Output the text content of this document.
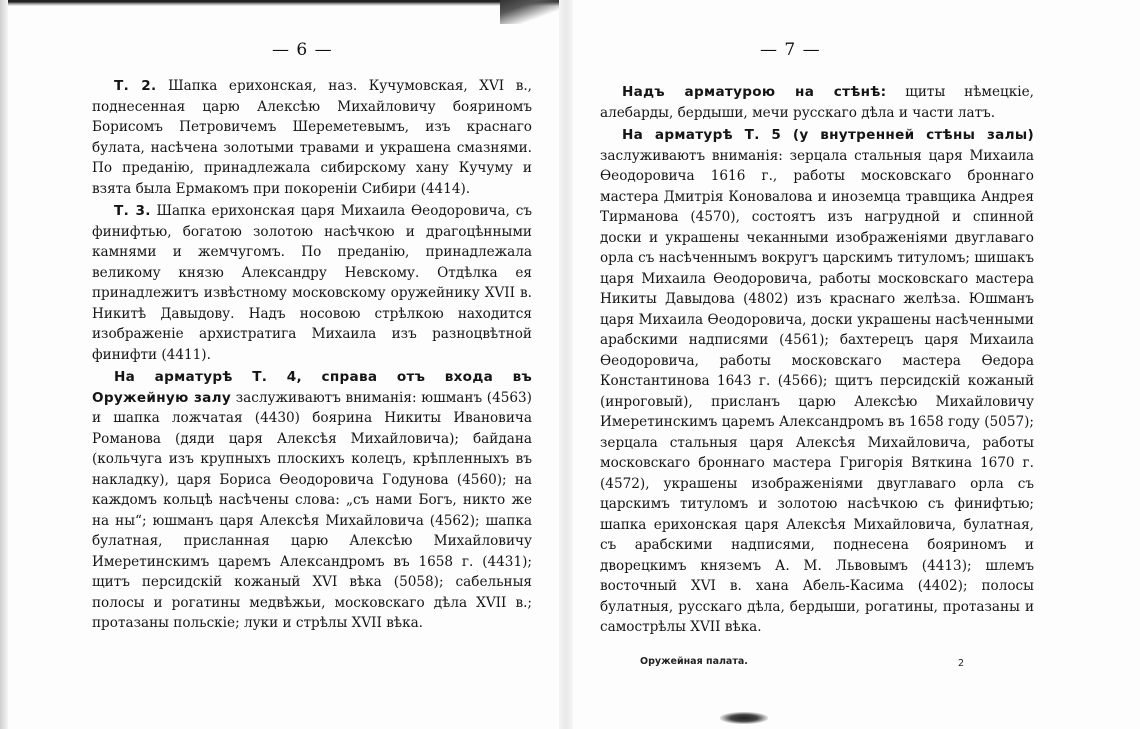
— 6 —

Т. 2. Шапка ерихонская, наз. Кучумовская, XVI в., поднесенная царю Алексѣю Михайловичу бояриномъ Борисомъ Петровичемъ Шереметевымъ, изъ краснаго булата, насѣчена золотыми травами и украшена смазнями. По преданію, принадлежала сибирскому хану Кучуму и взята была Ермакомъ при покореніи Сибири (4414).

Т. 3. Шапка ерихонская царя Михаила Өеодоровича, съ финифтью, богатою золотою насѣчкою и драгоцѣнными камнями и жемчугомъ. По преданію, принадлежала великому князю Александру Невскому. Отдѣлка ея принадлежитъ извѣстному московскому оружейнику XVII в. Никитѣ Давыдову. Надъ носовою стрѣлкою находится изображеніе архистратига Михаила изъ разноцвѣтной финифти (4411).

На арматурѣ Т. 4, справа отъ входа въ Оружейную залу заслуживаютъ вниманія: юшманъ (4563) и шапка ложчатая (4430) боярина Никиты Ивановича Романова (дяди царя Алексѣя Михайловича); байдана (кольчуга изъ крупныхъ плоскихъ колецъ, крѣпленныхъ въ накладку), царя Бориса Өеодоровича Годунова (4560); на каждомъ кольцѣ насѣчены слова: „съ нами Богъ, никто же на ны“; юшманъ царя Алексѣя Михайловича (4562); шапка булатная, присланная царю Алексѣю Михайловичу Имеретинскимъ царемъ Александромъ въ 1658 г. (4431); щитъ персидскій кожаный XVI вѣка (5058); сабельныя полосы и рогатины медвѣжьи, московскаго дѣла XVII в.; протазаны польскіе; луки и стрѣлы XVII вѣка.

— 7 —

Надъ арматурою на стѣнѣ: щиты нѣмецкіе, алебарды, бердыши, мечи русскаго дѣла и части латъ.

На арматурѣ Т. 5 (у внутренней стѣны залы) заслуживаютъ вниманія: зерцала стальныя царя Михаила Өеодоровича 1616 г., работы московскаго броннаго мастера Дмитрія Коновалова и иноземца травщика Андрея Тирманова (4570), состоятъ изъ нагрудной и спинной доски и украшены чеканными изображеніями двуглаваго орла съ насѣченнымъ вокругъ царскимъ титуломъ; шишакъ царя Михаила Өеодоровича, работы московскаго мастера Никиты Давыдова (4802) изъ краснаго желѣза. Юшманъ царя Михаила Өеодоровича, доски украшены насѣченными арабскими надписями (4561); бахтерецъ царя Михаила Өеодоровича, работы московскаго мастера Өедора Константинова 1643 г. (4566); щитъ персидскій кожаный (инроговый), присланъ царю Алексѣю Михайловичу Имеретинскимъ царемъ Александромъ въ 1658 году (5057); зерцала стальныя царя Алексѣя Михайловича, работы московскаго броннаго мастера Григорія Вяткина 1670 г. (4572), украшены изображеніями двуглаваго орла съ царскимъ титуломъ и золотою насѣчкою съ финифтью; шапка ерихонская царя Алексѣя Михайловича, булатная, съ арабскими надписями, поднесена бояриномъ и дворецкимъ княземъ А. М. Львовымъ (4413); шлемъ восточный XVI в. хана Абель-Касима (4402); полосы булатныя, русскаго дѣла, бердыши, рогатины, протазаны и самострѣлы XVII вѣка.

Оружейная палата.	2
